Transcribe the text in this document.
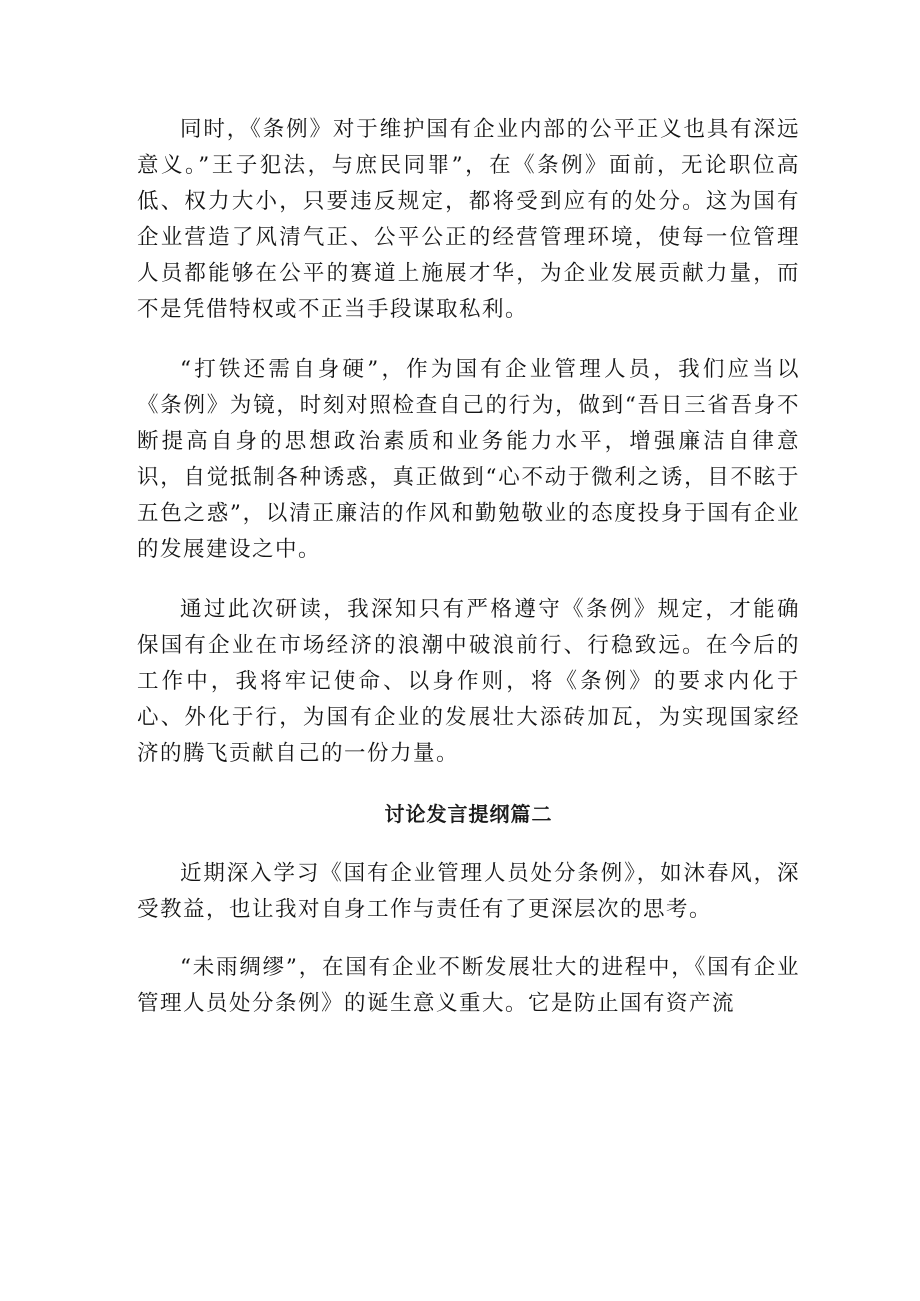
同时，《条例》对于维护国有企业内部的公平正义也具有深远意义。”王子犯法，与庶民同罪”，在《条例》面前，无论职位高低、权力大小，只要违反规定，都将受到应有的处分。这为国有企业营造了风清气正、公平公正的经营管理环境，使每一位管理人员都能够在公平的赛道上施展才华，为企业发展贡献力量，而不是凭借特权或不正当手段谋取私利。

“打铁还需自身硬”，作为国有企业管理人员，我们应当以《条例》为镜，时刻对照检查自己的行为，做到“吾日三省吾身不断提高自身的思想政治素质和业务能力水平，增强廉洁自律意识，自觉抵制各种诱惑，真正做到“心不动于微利之诱，目不眩于五色之惑”，以清正廉洁的作风和勤勉敬业的态度投身于国有企业的发展建设之中。

通过此次研读，我深知只有严格遵守《条例》规定，才能确保国有企业在市场经济的浪潮中破浪前行、行稳致远。在今后的工作中，我将牢记使命、以身作则，将《条例》的要求内化于心、外化于行，为国有企业的发展壮大添砖加瓦，为实现国家经济的腾飞贡献自己的一份力量。

讨论发言提纲篇二

近期深入学习《国有企业管理人员处分条例》，如沐春风，深受教益，也让我对自身工作与责任有了更深层次的思考。

“未雨绸缪”，在国有企业不断发展壮大的进程中，《国有企业管理人员处分条例》的诞生意义重大。它是防止国有资产流
